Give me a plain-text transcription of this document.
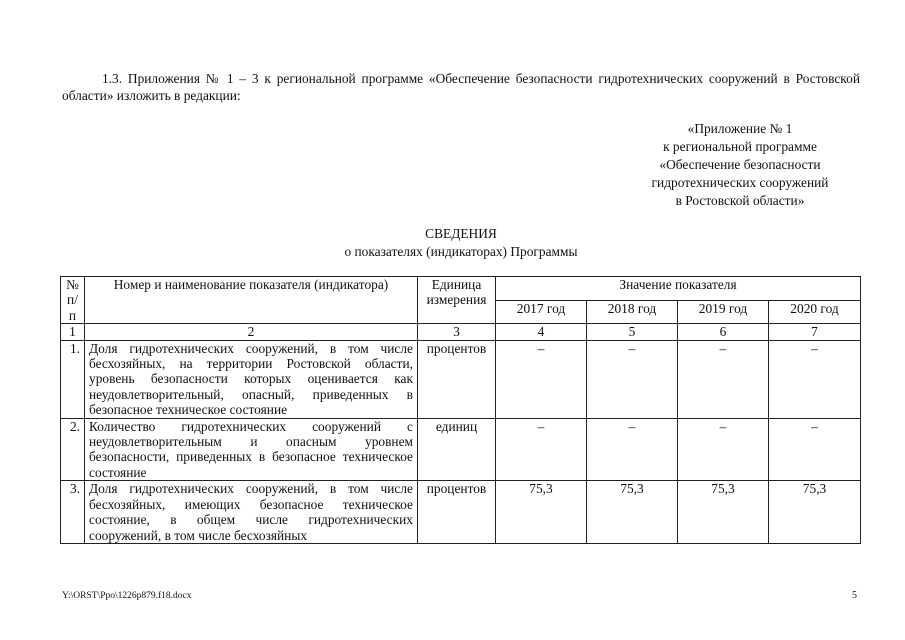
1.3. Приложения № 1 – 3 к региональной программе «Обеспечение безопасности гидротехнических сооружений в Ростовской области» изложить в редакции:
«Приложение № 1
к региональной программе
«Обеспечение безопасности
гидротехнических сооружений
в Ростовской области»
СВЕДЕНИЯ
о показателях (индикаторах) Программы
№ п/п	Номер и наименование показателя (индикатора)	Единица измерения	Значение показателя			
			2017 год	2018 год	2019 год	2020 год
1	2	3	4	5	6	7
1.	Доля гидротехнических сооружений, в том числе бесхозяйных, на территории Ростовской области, уровень безопасности которых оценивается как неудовлетворительный, опасный, приведенных в безопасное техническое состояние	процентов	–	–	–	–
2.	Количество гидротехнических сооружений с неудовлетворительным и опасным уровнем безопасности, приведенных в безопасное техническое состояние	единиц	–	–	–	–
3.	Доля гидротехнических сооружений, в том числе бесхозяйных, имеющих безопасное техническое состояние, в общем числе гидротехнических сооружений, в том числе бесхозяйных	процентов	75,3	75,3	75,3	75,3
Y:\ORST\Ppo\1226p879.f18.docx	5
